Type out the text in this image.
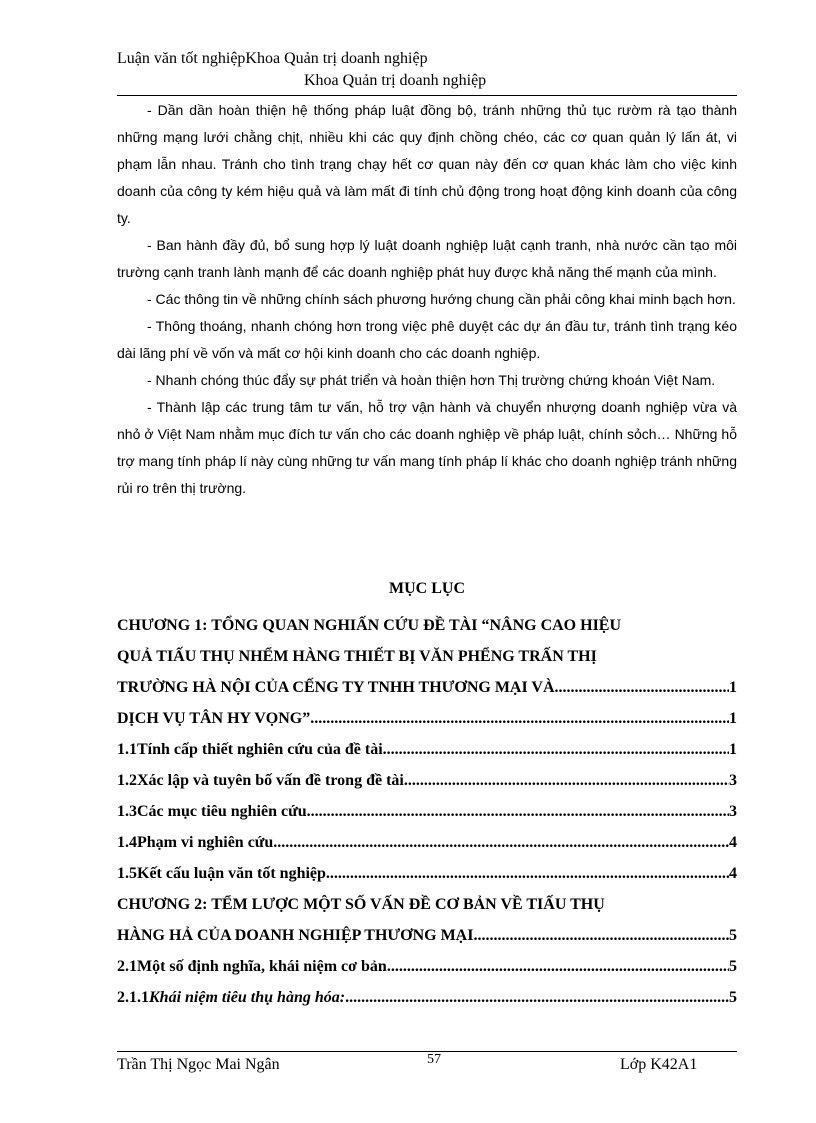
Luận văn tốt nghiệpKhoa Quản trị doanh nghiệp
Khoa Quản trị doanh nghiệp

- Dần dần hoàn thiện hệ thống pháp luật đồng bộ, tránh những thủ tục rườm rà tạo thành những mạng lưới chằng chịt, nhiều khi các quy định chồng chéo, các cơ quan quản lý lấn át, vi phạm lẫn nhau. Tránh cho tình trạng chạy hết cơ quan này đến cơ quan khác làm cho việc kinh doanh của công ty kém hiệu quả và làm mất đi tính chủ động trong hoạt động kinh doanh của công ty.

- Ban hành đầy đủ, bổ sung hợp lý luật doanh nghiệp luật cạnh tranh, nhà nước cần tạo môi trường cạnh tranh lành mạnh để các doanh nghiệp phát huy được khả năng thế mạnh của mình.

- Các thông tin về những chính sách phương hướng chung cần phải công khai minh bạch hơn.

- Thông thoáng, nhanh chóng hơn trong việc phê duyệt các dự án đầu tư, tránh tình trạng kéo dài lãng phí về vốn và mất cơ hội kinh doanh cho các doanh nghiệp.

- Nhanh chóng thúc đẩy sự phát triển và hoàn thiện hơn Thị trường chứng khoán Việt Nam.

- Thành lập các trung tâm tư vấn, hỗ trợ vận hành và chuyển nhượng doanh nghiệp vừa và nhỏ ở Việt Nam nhằm mục đích tư vấn cho các doanh nghiệp về pháp luật, chính sỏch… Những hỗ trợ mang tính pháp lí này cùng những tư vấn mang tính pháp lí khác cho doanh nghiệp tránh những rủi ro trên thị trường.

MỤC LỤC
CHƯƠNG 1: TỔNG QUAN NGHIẤN CỨU ĐỀ TÀI “NÂNG CAO HIỆU
QUẢ TIẤU THỤ NHỂM HÀNG THIẾT BỊ VĂN PHỂNG TRẤN THỊ
TRƯỜNG HÀ NỘI CỦA CẾNG TY TNHH THƯƠNG MẠI VÀ .....	1
DỊCH VỤ TÂN HY VỌNG” .....	1
1.1 Tính cấp thiết nghiên cứu của đề tài .....	1
1.2 Xác lập và tuyên bố vấn đề trong đề tài. .....	3
1.3 Các mục tiêu nghiên cứu .....	3
1.4 Phạm vi nghiên cứu .....	4
1.5 Kết cấu luận văn tốt nghiệp .....	4
CHƯƠNG 2: TỂM LƯỢC MỘT SỐ VẤN ĐỀ CƠ BẢN VỀ TIẤU THỤ
HÀNG HẢ CỦA DOANH NGHIỆP THƯƠNG MẠI .....	5
2.1 Một số định nghĩa, khái niệm cơ bản .....	5
2.1.1 Khái niệm tiêu thụ hàng hóa: .....	5
Trần Thị Ngọc Mai Ngân	57	Lớp K42A1
